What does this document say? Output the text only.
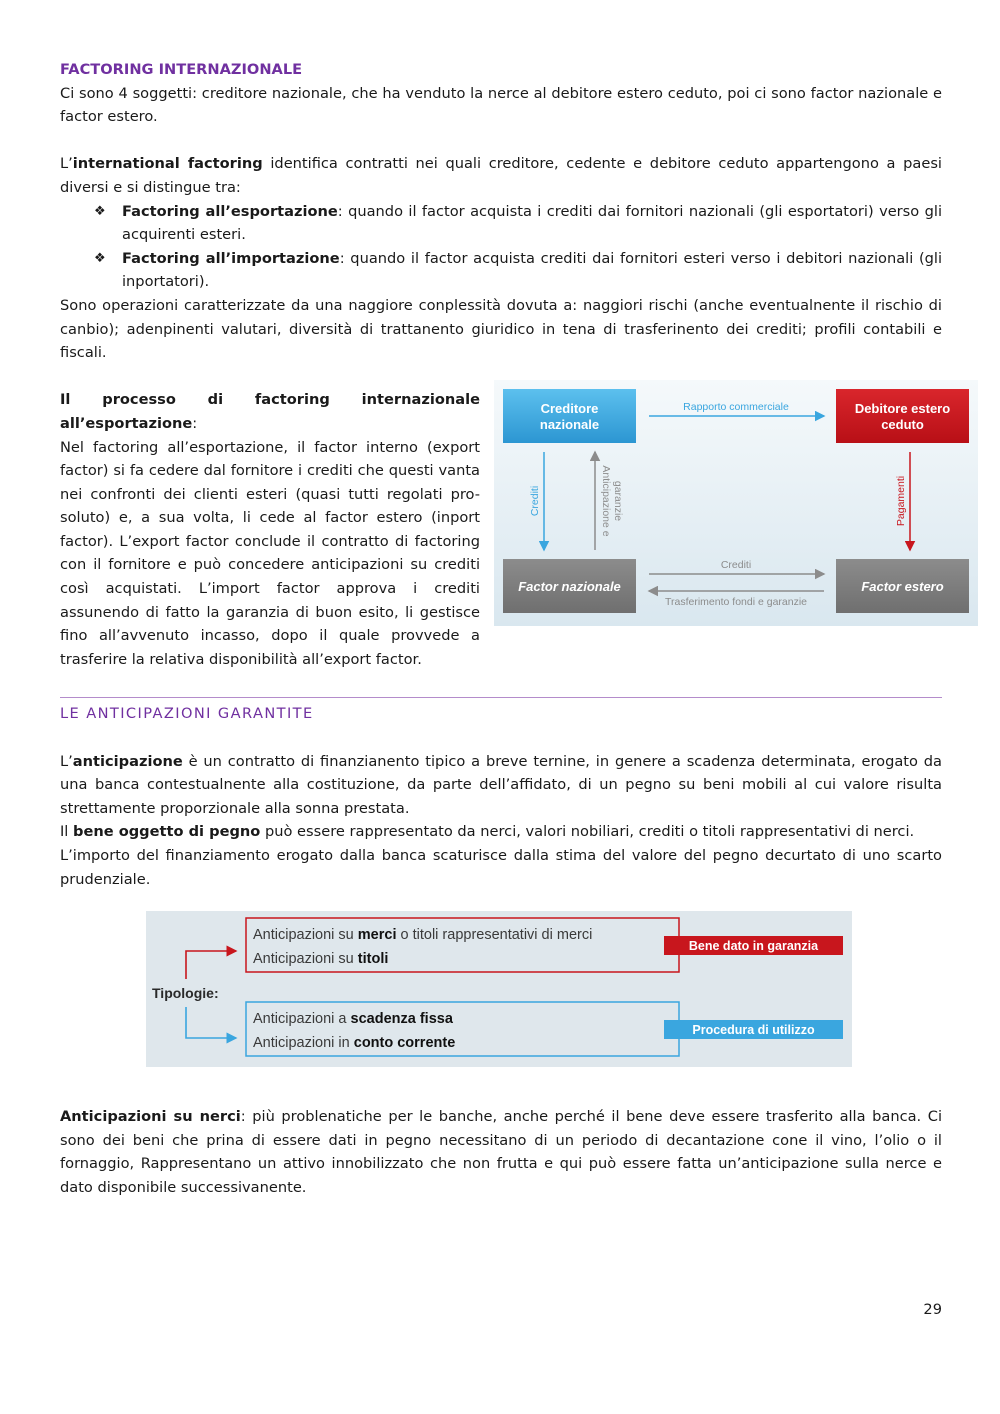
FACTORING INTERNAZIONALE

Ci sono 4 soggetti: creditore nazionale, che ha venduto la nerce al debitore estero ceduto, poi ci sono factor nazionale e factor estero.

L’international factoring identifica contratti nei quali creditore, cedente e debitore ceduto appartengono a paesi diversi e si distingue tra:

❖ Factoring all’esportazione: quando il factor acquista i crediti dai fornitori nazionali (gli esportatori) verso gli acquirenti esteri.
❖ Factoring all’importazione: quando il factor acquista crediti dai fornitori esteri verso i debitori nazionali (gli inportatori).

Sono operazioni caratterizzate da una naggiore conplessità dovuta a: naggiori rischi (anche eventualnente il rischio di canbio); adenpinenti valutari, diversità di trattanento giuridico in tena di trasferinento dei crediti; profili contabili e fiscali.

Il processo di factoring internazionale all’esportazione:
Nel factoring all’esportazione, il factor interno (export factor) si fa cedere dal fornitore i crediti che questi vanta nei confronti dei clienti esteri (quasi tutti regolati pro-soluto) e, a sua volta, li cede al factor estero (inport factor). L’export factor conclude il contratto di factoring con il fornitore e può concedere anticipazioni su crediti così acquistati. L’import factor approva i crediti assunendo di fatto la garanzia di buon esito, li gestisce fino all’avvenuto incasso, dopo il quale provvede a trasferire la relativa disponibilità all’export factor.

Creditore
nazionale
Debitore estero
ceduto
Factor nazionale	Factor estero
Rapporto commerciale
Crediti	Anticipazione e garanzie	Pagamenti
Crediti
Trasferimento fondi e garanzie
LE ANTICIPAZIONI GARANTITE

L’anticipazione è un contratto di finanzianento tipico a breve ternine, in genere a scadenza determinata, erogato da una banca contestualnente alla costituzione, da parte dell’affidato, di un pegno su beni mobili al cui valore risulta strettamente proporzionale alla sonna prestata.

Il bene oggetto di pegno può essere rappresentato da nerci, valori nobiliari, crediti o titoli rappresentativi di nerci.

L’importo del finanziamento erogato dalla banca scaturisce dalla stima del valore del pegno decurtato di uno scarto prudenziale.

Tipologie:
Anticipazioni su merci o titoli rappresentativi di merci
Anticipazioni su titoli
Bene dato in garanzia
Anticipazioni a scadenza fissa
Anticipazioni in conto corrente
Procedura di utilizzo

Anticipazioni su nerci: più problenatiche per le banche, anche perché il bene deve essere trasferito alla banca. Ci sono dei beni che prina di essere dati in pegno necessitano di un periodo di decantazione cone il vino, l’olio o il fornaggio, Rappresentano un attivo innobilizzato che non frutta e qui può essere fatta un’anticipazione sulla nerce e dato disponibile successivanente.

29
